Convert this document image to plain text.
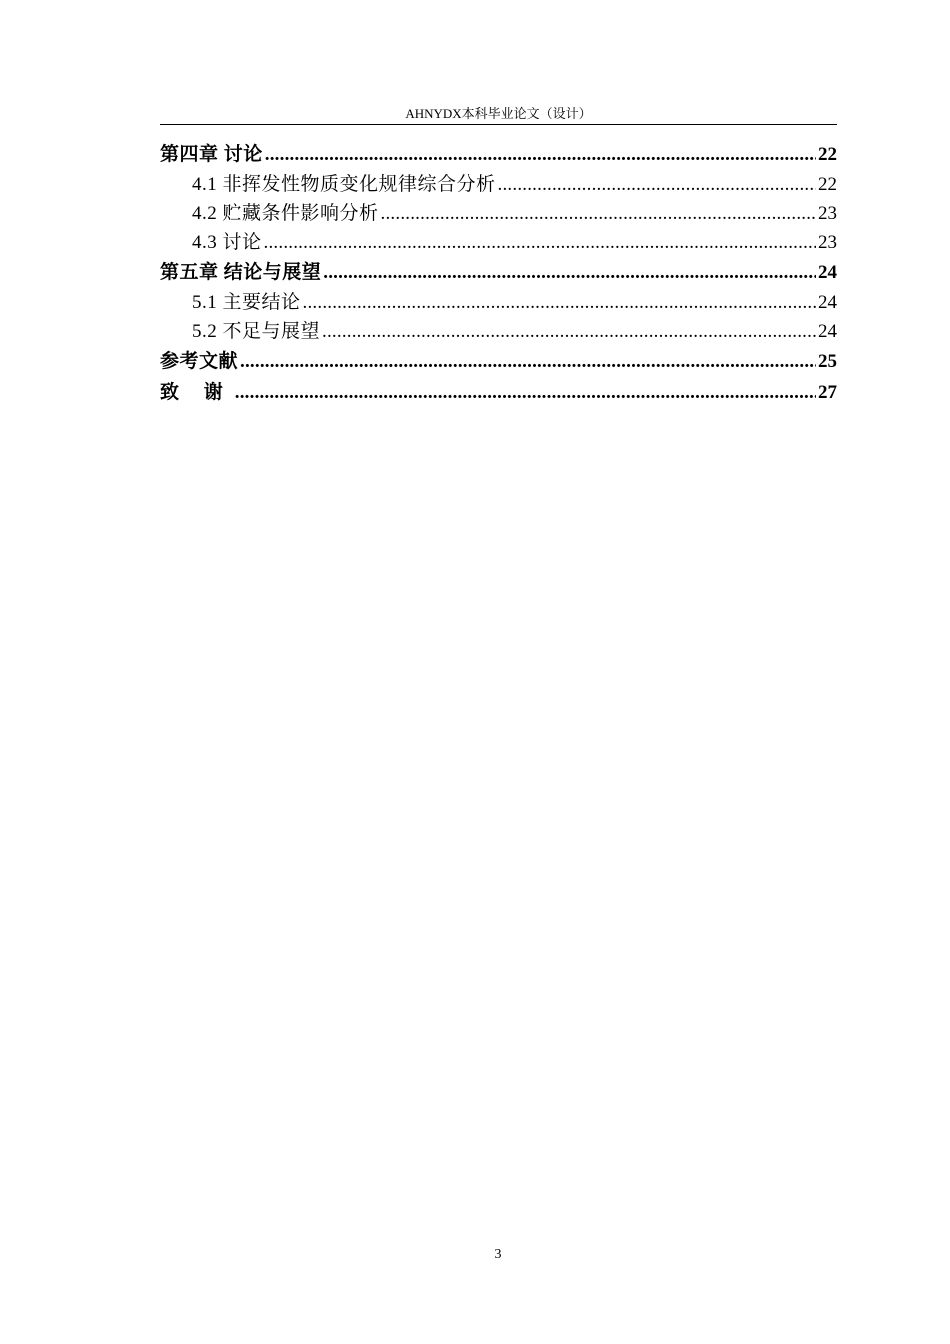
AHNYDX本科毕业论文（设计）
第四章 讨论 .....	22
4.1 非挥发性物质变化规律综合分析 .....	22
4.2 贮藏条件影响分析 .....	23
4.3 讨论 .....	23
第五章 结论与展望 .....	24
5.1 主要结论 .....	24
5.2 不足与展望 .....	24
参考文献 .....	25
致 谢 .....	27
3
